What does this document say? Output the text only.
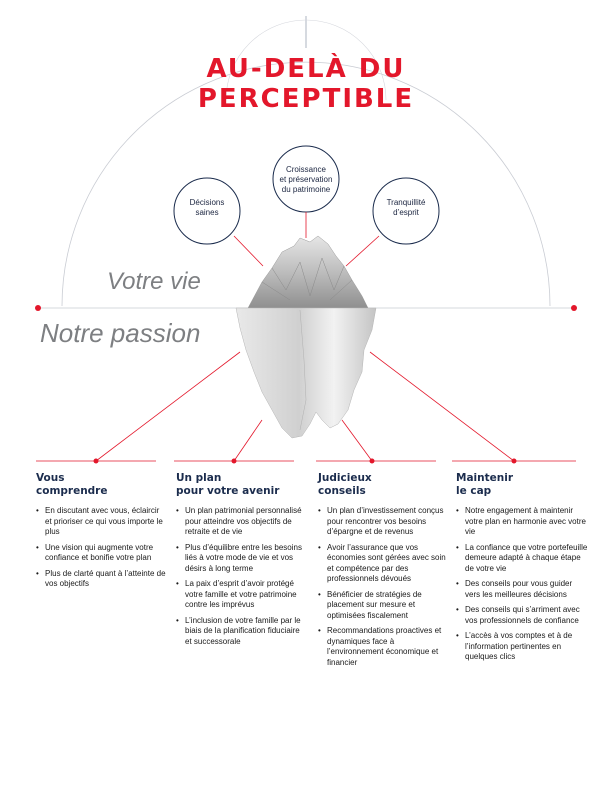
AU-DELÀ DU
PERCEPTIBLE
Décisions
saines
Croissance
et préservation
du patrimoine
Tranquillité
d’esprit
Votre vie
Notre passion
Vous
comprendre
• En discutant avec vous, éclaircir et prioriser ce qui vous importe le plus
• Une vision qui augmente votre confiance et bonifie votre plan
• Plus de clarté quant à l’atteinte de vos objectifs
Un plan
pour votre avenir
• Un plan patrimonial personnalisé pour atteindre vos objectifs de retraite et de vie
• Plus d’équilibre entre les besoins liés à votre mode de vie et vos désirs à long terme
• La paix d’esprit d’avoir protégé votre famille et votre patrimoine contre les imprévus
• L’inclusion de votre famille par le biais de la planification fiduciaire et successorale
Judicieux
conseils
• Un plan d’investissement conçus pour rencontrer vos besoins d’épargne et de revenus
• Avoir l’assurance que vos économies sont gérées avec soin et compétence par des professionnels dévoués
• Bénéficier de stratégies de placement sur mesure et optimisées fiscalement
• Recommandations proactives et dynamiques face à l’environnement économique et financier
Maintenir
le cap
• Notre engagement à maintenir votre plan en harmonie avec votre vie
• La confiance que votre portefeuille demeure adapté à chaque étape de votre vie
• Des conseils pour vous guider vers les meilleures décisions
• Des conseils qui s’arriment avec vos professionnels de confiance
• L’accès à vos comptes et à de l’information pertinentes en quelques clics
